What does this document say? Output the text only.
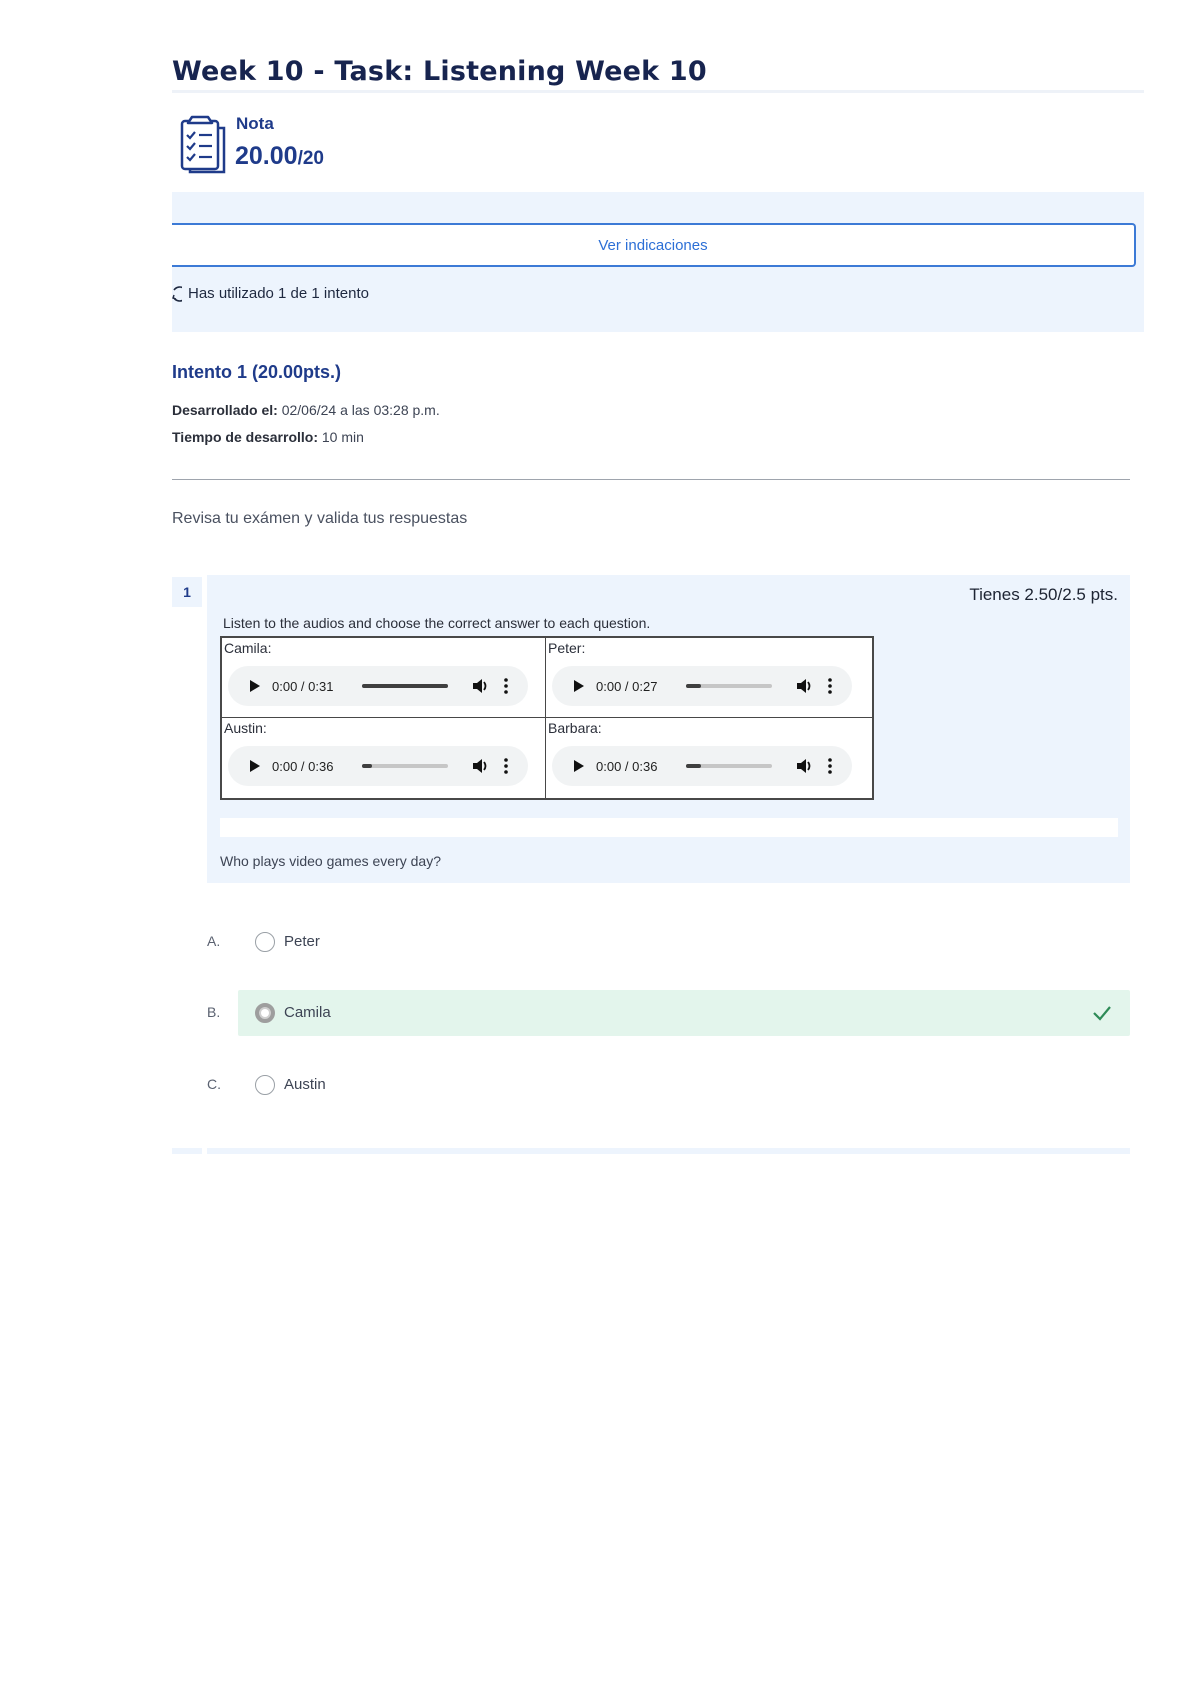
Week 10 - Task: Listening Week 10
Nota
20.00/20
Ver indicaciones
Has utilizado 1 de 1 intento
Intento 1 (20.00pts.)
Desarrollado el: 02/06/24 a las 03:28 p.m.
Tiempo de desarrollo: 10 min
Revisa tu exámen y valida tus respuestas
1	Tienes 2.50/2.5 pts.
Listen to the audios and choose the correct answer to each question.
Camila:
0:00 / 0:31
Peter:
0:00 / 0:27
Austin:
0:00 / 0:36
Barbara:
0:00 / 0:36
Who plays video games every day?
A.	Peter
B.	Camila
C.	Austin
